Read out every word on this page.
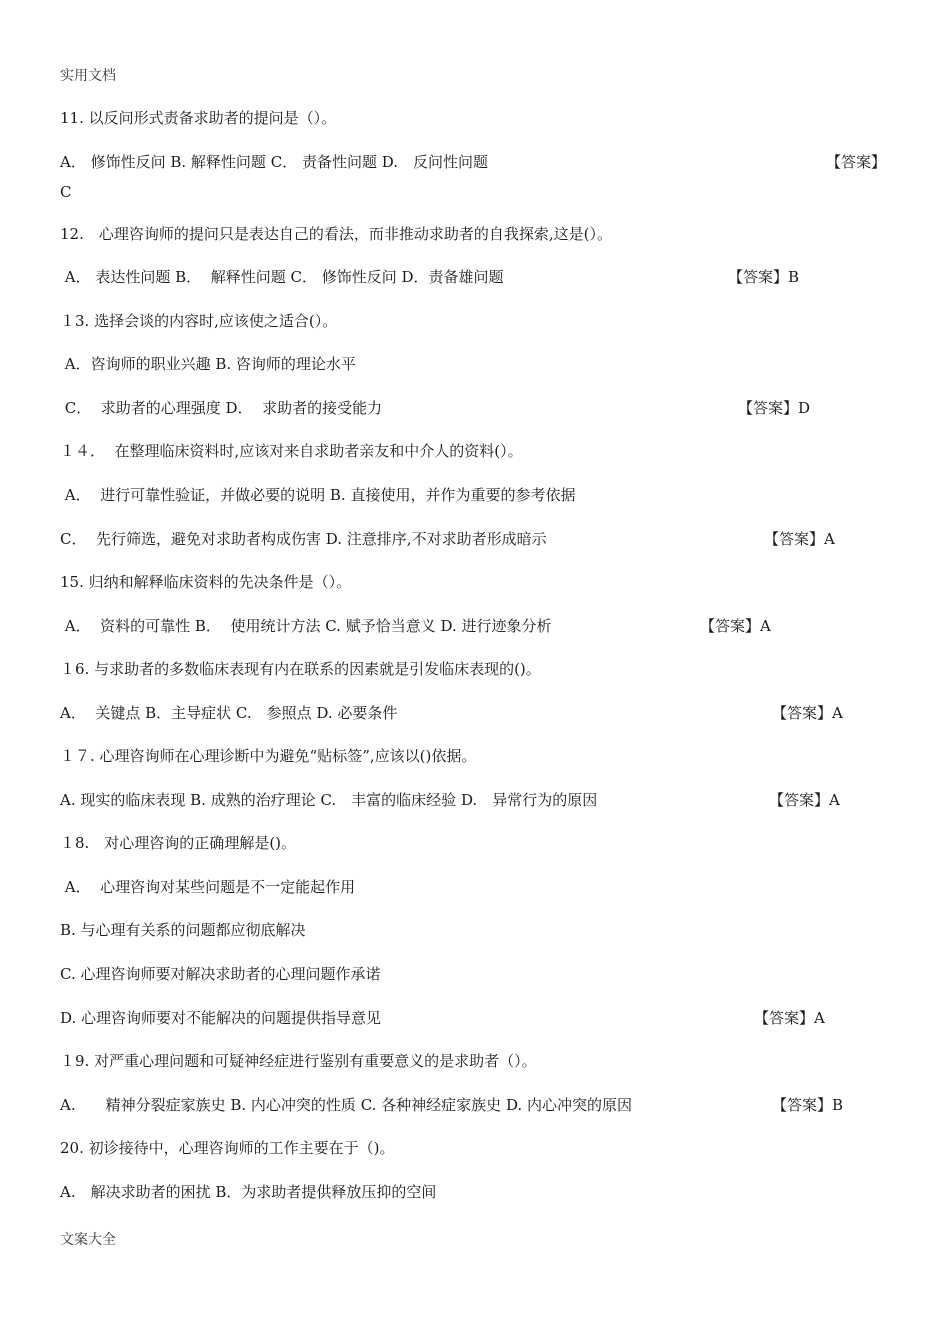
实用文档
11. 以反问形式责备求助者的提问是（）。
A． 修饰性反问 B. 解释性问题 C． 责备性问题 D.　反问性问题	【答案】
C
12.　心理咨询师的提问只是表达自己的看法，而非推动求助者的自我探索,这是(）。
A． 表达性问题 B．  解释性问题 C． 修饰性反问 D．责备雄问题	【答案】B
１3. 选择会谈的内容时,应该使之适合(）。
A．咨询师的职业兴趣 B. 咨询师的理论水平
C．  求助者的心理强度 D．  求助者的接受能力	【答案】D
１４．  在整理临床资料时,应该对来自求助者亲友和中介人的资料(）。
A．  进行可靠性验证，并做必要的说明 B. 直接使用，并作为重要的参考依据
C．  先行筛选，避免对求助者构成伤害 D. 注意排序,不对求助者形成暗示	【答案】A
15. 归纳和解释临床资料的先决条件是（）。
A．  资料的可靠性 B．  使用统计方法 C. 赋予恰当意义 D. 进行迹象分析	【答案】A
１6. 与求助者的多数临床表现有内在联系的因素就是引发临床表现的()。
A．  关键点 B．主导症状 C.　参照点 D. 必要条件	【答案】A
１７. 心理咨询师在心理诊断中为避免“贴标签”,应该以()依据。
A. 现实的临床表现 B. 成熟的治疗理论 C.　丰富的临床经验 D.　异常行为的原因	【答案】A
１8.　对心理咨询的正确理解是()。
A．  心理咨询对某些问题是不一定能起作用
B. 与心理有关系的问题都应彻底解决
C. 心理咨询师要对解决求助者的心理问题作承诺
D. 心理咨询师要对不能解决的问题提供指导意见	【答案】A
１9. 对严重心理问题和可疑神经症进行鉴别有重要意义的是求助者（）。
A.　　精神分裂症家族史 B. 内心冲突的性质 C. 各种神经症家族史 D. 内心冲突的原因	【答案】B
20. 初诊接待中，心理咨询师的工作主要在于（)。
A.　解决求助者的困扰 B．为求助者提供释放压抑的空间
文案大全
